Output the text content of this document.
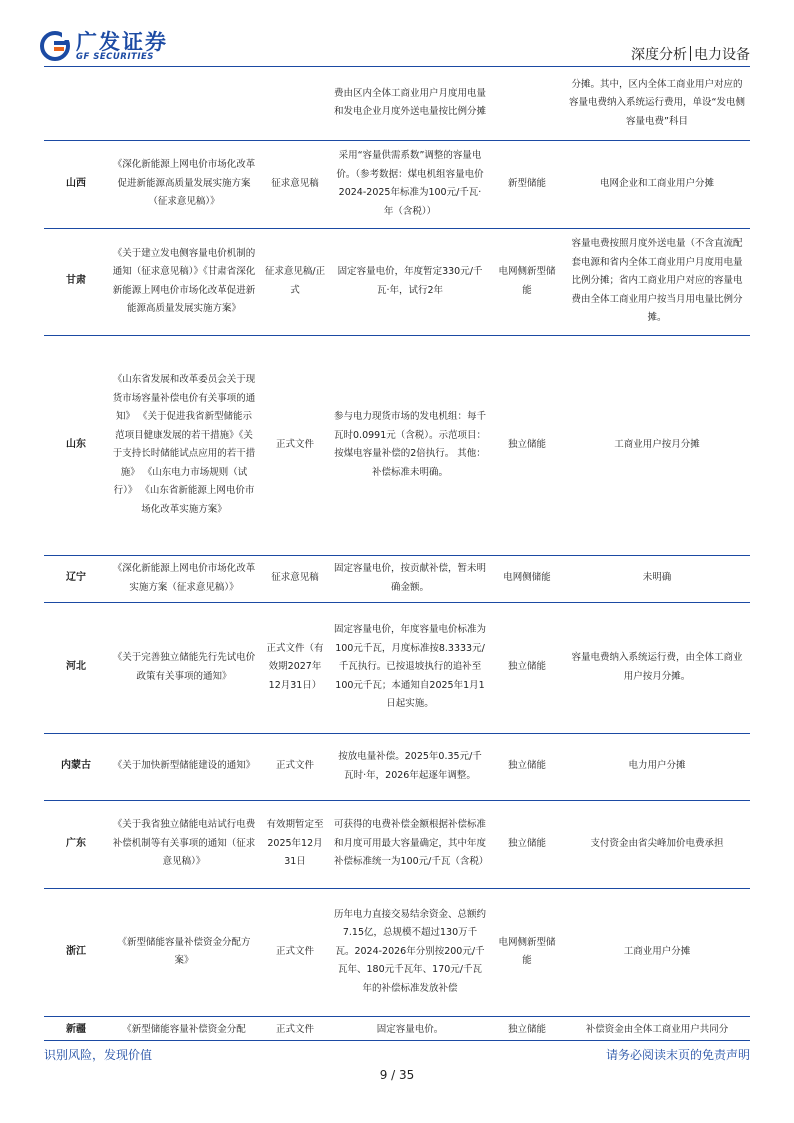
广发证券
GF SECURITIES	深度分析 电力设备
			费由区内全体工商业用户月度用电量和发电企业月度外送电量按比例分摊		分摊。其中，区内全体工商业用户对应的容量电费纳入系统运行费用，单设“发电侧容量电费”科目
山西	《深化新能源上网电价市场化改革促进新能源高质量发展实施方案（征求意见稿）》	征求意见稿	采用“容量供需系数”调整的容量电价。（参考数据：煤电机组容量电价2024-2025年标准为100元/千瓦·年（含税））	新型储能	电网企业和工商业用户分摊
甘肃	《关于建立发电侧容量电价机制的通知（征求意见稿）》《甘肃省深化新能源上网电价市场化改革促进新能源高质量发展实施方案》	征求意见稿/正式	固定容量电价，年度暂定330元/千瓦·年，试行2年	电网侧新型储能	容量电费按照月度外送电量（不含直流配套电源和省内全体工商业用户月度用电量比例分摊；省内工商业用户对应的容量电费由全体工商业用户按当月用电量比例分摊。
山东	《山东省发展和改革委员会关于现货市场容量补偿电价有关事项的通知》 《关于促进我省新型储能示范项目健康发展的若干措施》《关于支持长时储能试点应用的若干措施》 《山东电力市场规则（试行）》 《山东省新能源上网电价市场化改革实施方案》	正式文件	参与电力现货市场的发电机组：每千瓦时0.0991元（含税）。示范项目：按煤电容量补偿的2倍执行。 其他：补偿标准未明确。	独立储能	工商业用户按月分摊
辽宁	《深化新能源上网电价市场化改革实施方案（征求意见稿）》	征求意见稿	固定容量电价，按贡献补偿，暂未明确金额。	电网侧储能	未明确
河北	《关于完善独立储能先行先试电价政策有关事项的通知》	正式文件（有效期2027年12月31日）	固定容量电价，年度容量电价标准为100元千瓦，月度标准按8.3333元/千瓦执行。已按退坡执行的追补至100元千瓦；本通知自2025年1月1日起实施。	独立储能	容量电费纳入系统运行费，由全体工商业用户按月分摊。
内蒙古	《关于加快新型储能建设的通知》	正式文件	按放电量补偿。2025年0.35元/千瓦时·年，2026年起逐年调整。	独立储能	电力用户分摊
广东	《关于我省独立储能电站试行电费补偿机制等有关事项的通知（征求意见稿）》	有效期暂定至2025年12月31日	可获得的电费补偿金额根据补偿标准和月度可用最大容量确定，其中年度补偿标准统一为100元/千瓦（含税）	独立储能	支付资金由省尖峰加价电费承担
浙江	《新型储能容量补偿资金分配方案》	正式文件	历年电力直接交易结余资金、总额约7.15亿，总规模不超过130万千瓦。2024-2026年分别按200元/千瓦年、180元千瓦年、170元/千瓦年的补偿标准发放补偿	电网侧新型储能	工商业用户分摊
新疆	《新型储能容量补偿资金分配	正式文件	固定容量电价。	独立储能	补偿资金由全体工商业用户共同分
识别风险，发现价值	请务必阅读末页的免责声明
9 / 35
